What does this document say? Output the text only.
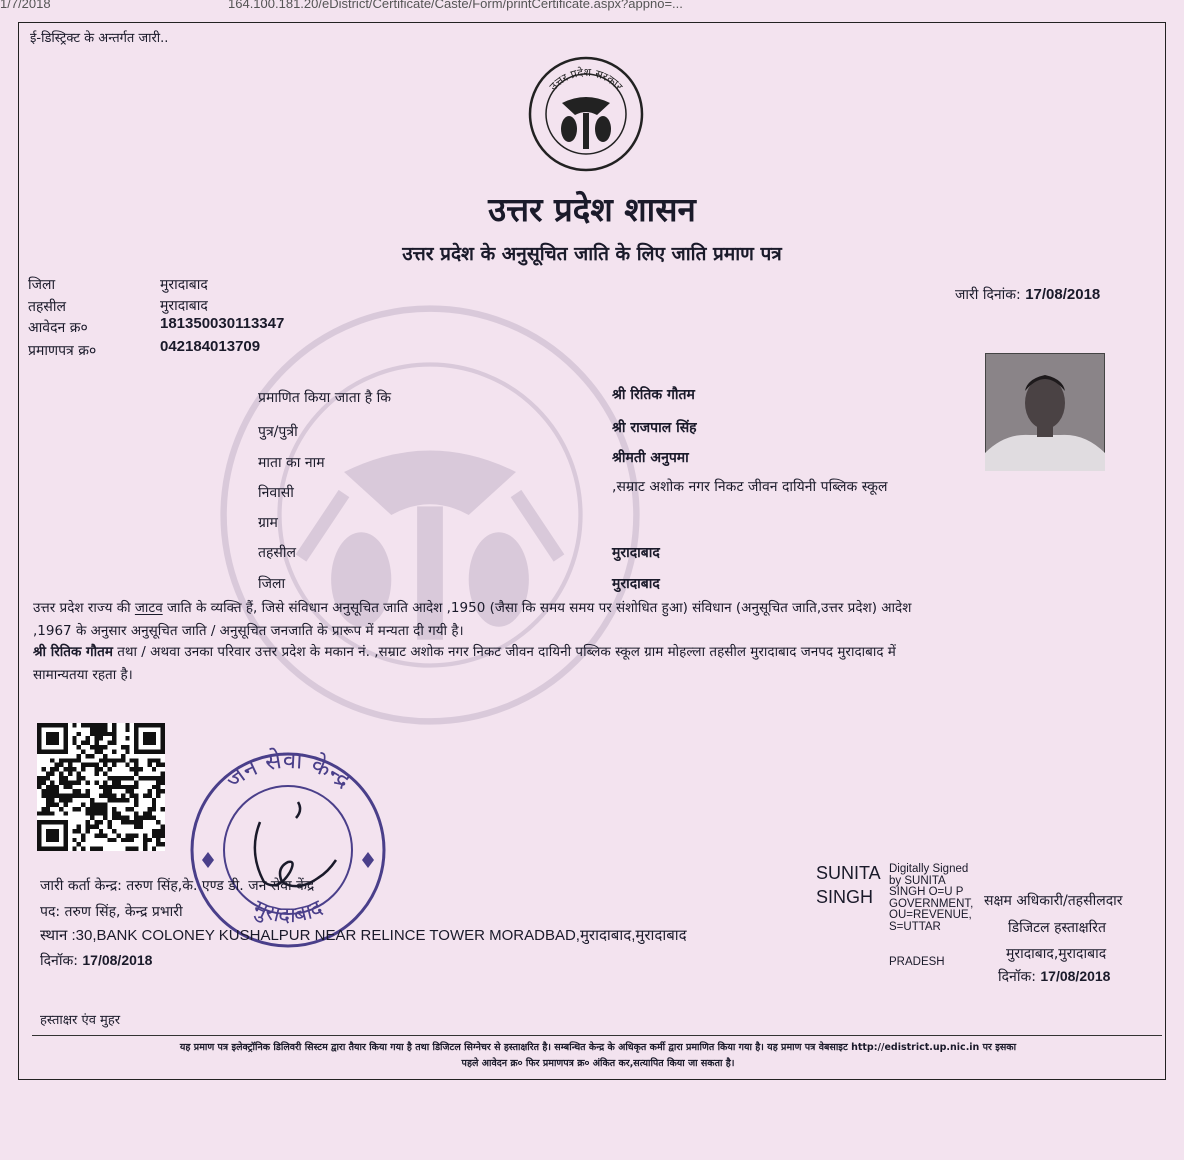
1/7/2018	164.100.181.20/eDistrict/Certificate/Caste/Form/printCertificate.aspx?appno=...
ई-डिस्ट्रिक्ट के अन्तर्गत जारी..
उत्तर प्रदेश सरकार
उत्तर प्रदेश शासन
उत्तर प्रदेश के अनुसूचित जाति के लिए जाति प्रमाण पत्र
जिला	मुरादाबाद
तहसील	मुरादाबाद
आवेदन क्र०	181350030113347
प्रमाणपत्र क्र०	042184013709
जारी दिनांक: 17/08/2018
प्रमाणित किया जाता है कि	श्री रितिक गौतम
पुत्र/पुत्री	श्री राजपाल सिंह
माता का नाम	श्रीमती अनुपमा
निवासी	,सम्राट अशोक नगर निकट जीवन दायिनी पब्लिक स्कूल
ग्राम
तहसील	मुरादाबाद
जिला	मुरादाबाद
उत्तर प्रदेश राज्य की जाटव जाति के व्यक्ति हैं, जिसे संविधान अनुसूचित जाति आदेश ,1950 (जैसा कि समय समय पर संशोधित हुआ) संविधान (अनुसूचित जाति,उत्तर प्रदेश) आदेश
,1967 के अनुसार अनुसूचित जाति / अनुसूचित जनजाति के प्रारूप में मन्यता दी गयी है।
श्री रितिक गौतम तथा / अथवा उनका परिवार उत्तर प्रदेश के मकान नं. ,सम्राट अशोक नगर निकट जीवन दायिनी पब्लिक स्कूल ग्राम मोहल्ला तहसील मुरादाबाद जनपद मुरादाबाद में
सामान्यतया रहता है।
जन सेवा केन्द्र
मुरादाबाद
जारी कर्ता केन्द्र: तरुण सिंह,के. एण्ड डी. जन सेवा केंद्र
पद: तरुण सिंह, केन्द्र प्रभारी
स्थान :30,BANK COLONEY KUSHALPUR NEAR RELINCE TOWER MORADBAD,मुरादाबाद,मुरादाबाद
दिनॉक: 17/08/2018
हस्ताक्षर एंव मुहर
SUNITA
SINGH
Digitally Signed
by SUNITA
SINGH O=U P
GOVERNMENT,
OU=REVENUE,
S=UTTAR
PRADESH
सक्षम अधिकारी/तहसीलदार
डिजिटल हस्ताक्षरित
मुरादाबाद,मुरादाबाद
दिनॉक: 17/08/2018
यह प्रमाण पत्र इलेक्ट्रॉनिक डिलिवरी सिस्टम द्वारा तैयार किया गया है तथा डिजिटल सिग्नेचर से हस्ताक्षरित है। सम्बन्धित केन्द्र के अधिकृत कर्मी द्वारा प्रमाणित किया गया है। यह प्रमाण पत्र वेबसाइट http://edistrict.up.nic.in पर इसका
पहले आवेदन क्र० फिर प्रमाणपत्र क्र० अंकित कर,सत्यापित किया जा सकता है।
